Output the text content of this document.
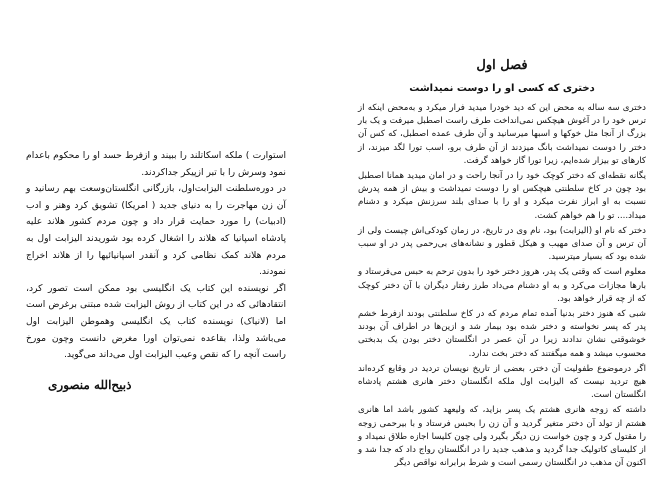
استوارت ) ملکه اسکاتلند را ببیند و ازفرط حسد او را محکوم باعدام نمود وسرش را با تبر ازپیکر جداکردند.

در دوره‌سلطنت الیزابت‌اول، بازرگانی انگلستان‌وسعت بهم رسانید و آن زن مهاجرت را به دنیای جدید ( امریکا) تشویق کرد وهنر و ادب (ادبیات) را مورد حمایت قرار داد و چون مردم کشور هلاند علیه پادشاه اسپانیا که هلاند را اشغال کرده بود شوریدند الیزابت اول به مردم هلاند کمک نظامی کرد و آنقدر اسپانیائیها را از هلاند اخراج نمودند.

اگر نویسنده این کتاب یک انگلیسی بود ممکن است تصور کرد، انتقادهائی که در این کتاب از روش الیزابت شده مبتنی برغرض است اما (لانیاک) نویسنده کتاب یک انگلیسی وهموطن الیزابت اول می‌باشد ولذا، بقاعده نمی‌توان اورا مغرض دانست وچون مورخ راست آنچه را که نقص وعیب الیزابت اول می‌داند می‌گوید.

ذبیح‌الله منصوری
فصل اول
دختری که کسی او را دوست نمیداشت

دختری سه ساله به محض این که دید خودرا میدید فرار میکرد و به‌محض اینکه از ترس خود را در آغوش هیچکس نمی‌انداخت طرف راست اصطبل میرفت و یک بار بزرگ از آنجا مثل خوکها و اسبها میرسانید و آن طرف عمده اصطبل، که کس آن دختر را دوست نمیداشت بانگ میزدند از آن طرف برو، اسب تورا لگد میزند، از کارهای تو بیزار شده‌ایم، زیرا تورا گاز خواهد گرفت.

یگانه نقطه‌ای که دختر کوچک خود را در آنجا راحت و در امان میدید همانا اصطبل بود چون در کاخ سلطنتی هیچکس او را دوست نمیداشت و بیش از همه پدرش نسبت به او ابراز نفرت میکرد و او را با صدای بلند سرزنش میکرد و دشنام میداد.... تو را هم خواهم کشت.

دختر که نام او (الیزابت) بود، نام وی در تاریخ، در زمان کودکی‌اش چیست ولی از آن ترس و آن صدای مهیب و هیکل قطور و نشانه‌های بی‌رحمی پدر در او سبب شده بود که بسیار میترسید.

معلوم است که وقتی یک پدر، هروز دختر خود را بدون ترحم به حبس می‌فرستاد و بارها مجازات می‌کرد و به او دشنام می‌داد طرز رفتار دیگران با آن دختر کوچک که از چه قرار خواهد بود.

شبی که هنوز دختر بدنیا آمده تمام مردم که در کاخ سلطنتی بودند از‌فرط خشم پدر که پسر نخواسته و دختر شده بود بیمار شد و ازین‌ها در اطراف آن بودند خوشوقتی نشان ندادند زیرا در آن عصر در انگلستان دختر بودن یک بدبختی محسوب میشد و همه میگفتند که دختر بخت ندارد.

اگر درموضوع طفولیت آن دختر، بعضی از تاریخ نویسان تردید در وقایع کرده‌اند هیچ تردید نیست که الیزابت اول ملکه انگلستان دختر هانری هشتم پادشاه انگلستان است.

داشته که زوجه هانری هشتم یک پسر بزاید، که ولیعهد کشور باشد اما هانری هشتم از تولد آن دختر متغیر گردید و آن زن را بحبس فرستاد و با بیرحمی زوجه را مقتول کرد و چون خواست زن دیگر بگیرد ولی چون کلیسا اجازه طلاق نمیداد و از کلیسای کاتولیک جدا گردید و مذهب جدید را در انگلستان رواج داد که جدا شد و اکنون آن مذهب در انگلستان رسمی است و شرط برابرانه نواقص دیگر
